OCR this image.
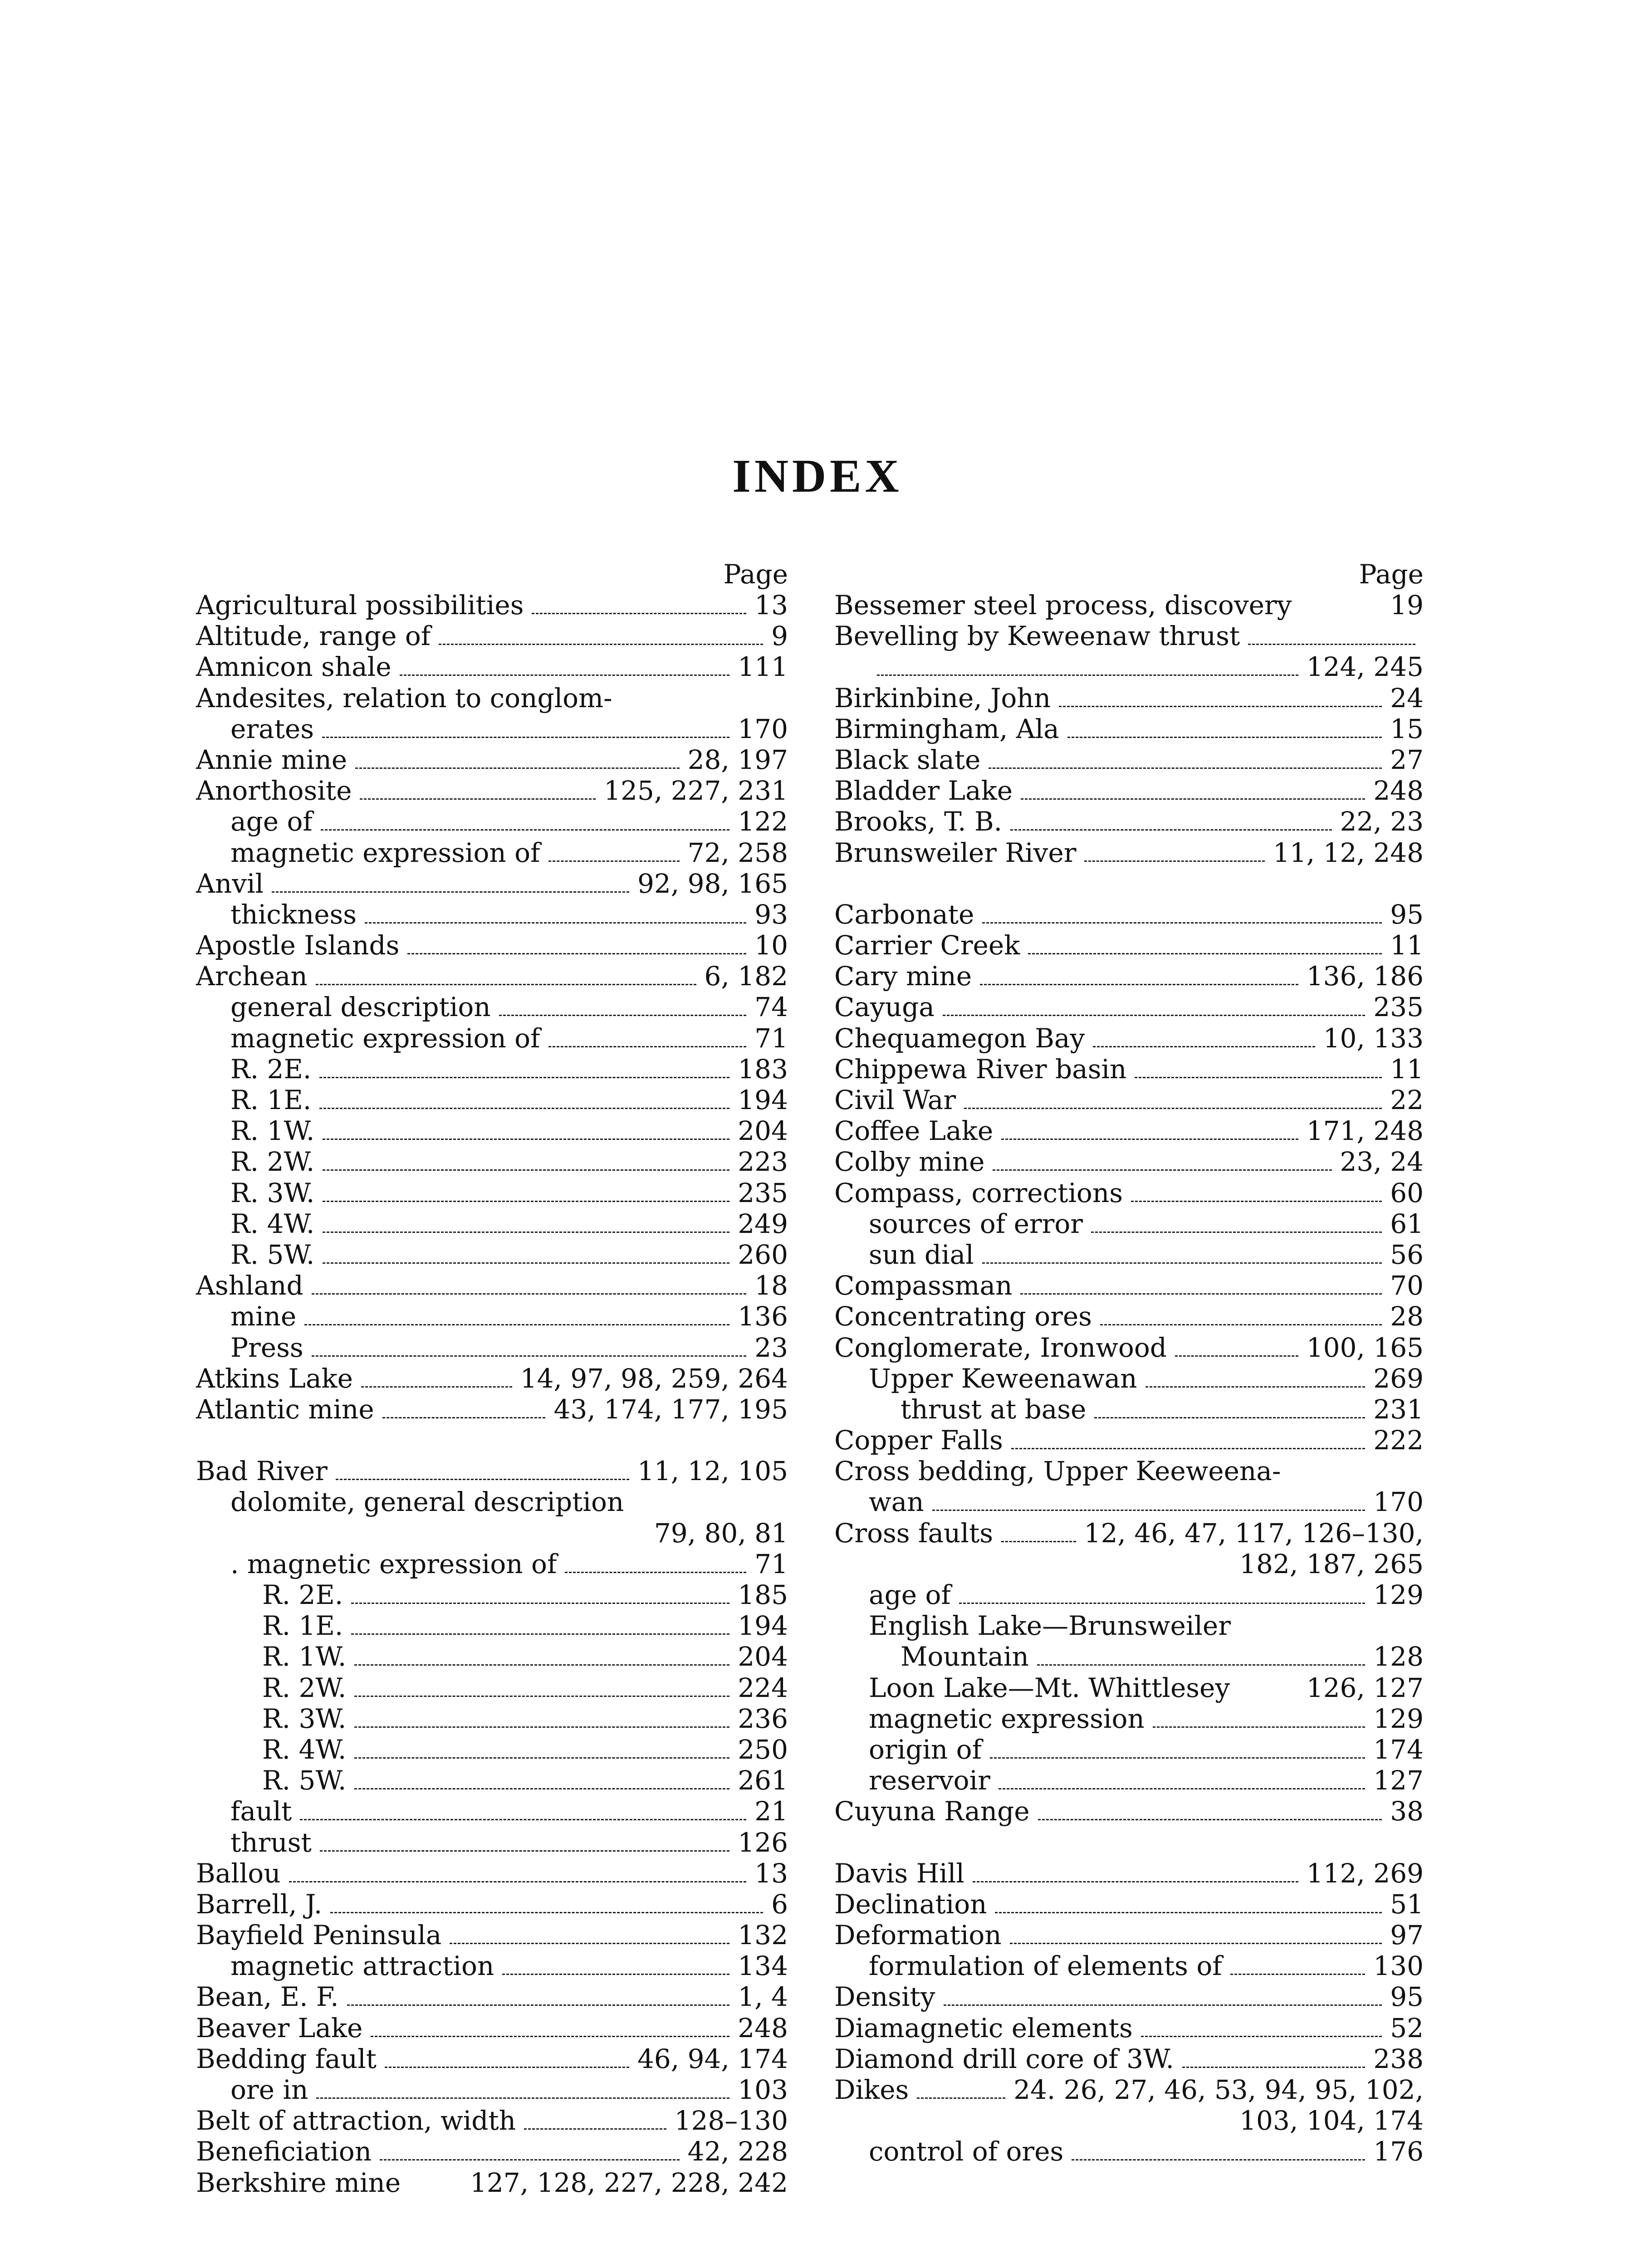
INDEX
Page
Agricultural possibilities	13
Altitude, range of	9
Amnicon shale	111
Andesites, relation to conglom-
erates	170
Annie mine	28, 197
Anorthosite	125, 227, 231
age of	122
magnetic expression of	72, 258
Anvil	92, 98, 165
thickness	93
Apostle Islands	10
Archean	6, 182
general description	74
magnetic expression of	71
R. 2E.	183
R. 1E.	194
R. 1W.	204
R. 2W.	223
R. 3W.	235
R. 4W.	249
R. 5W.	260
Ashland	18
mine	136
Press	23
Atkins Lake	14, 97, 98, 259, 264
Atlantic mine	43, 174, 177, 195
Bad River	11, 12, 105
dolomite, general description
79, 80, 81
. magnetic expression of	71
R. 2E.	185
R. 1E.	194
R. 1W.	204
R. 2W.	224
R. 3W.	236
R. 4W.	250
R. 5W.	261
fault	21
thrust	126
Ballou	13
Barrell, J.	6
Bayfield Peninsula	132
magnetic attraction	134
Bean, E. F.	1, 4
Beaver Lake	248
Bedding fault	46, 94, 174
ore in	103
Belt of attraction, width	128–130
Beneficiation	42, 228
Berkshire mine	127, 128, 227, 228, 242
Page
Bessemer steel process, discovery	19
Bevelling by Keweenaw thrust
124, 245
Birkinbine, John	24
Birmingham, Ala	15
Black slate	27
Bladder Lake	248
Brooks, T. B.	22, 23
Brunsweiler River	11, 12, 248
Carbonate	95
Carrier Creek	11
Cary mine	136, 186
Cayuga	235
Chequamegon Bay	10, 133
Chippewa River basin	11
Civil War	22
Coffee Lake	171, 248
Colby mine	23, 24
Compass, corrections	60
sources of error	61
sun dial	56
Compassman	70
Concentrating ores	28
Conglomerate, Ironwood	100, 165
Upper Keweenawan	269
thrust at base	231
Copper Falls	222
Cross bedding, Upper Keeweena-
wan	170
Cross faults	12, 46, 47, 117, 126–130,
182, 187, 265
age of	129
English Lake—Brunsweiler
Mountain	128
Loon Lake—Mt. Whittlesey	126, 127
magnetic expression	129
origin of	174
reservoir	127
Cuyuna Range	38
Davis Hill	112, 269
Declination	51
Deformation	97
formulation of elements of	130
Density	95
Diamagnetic elements	52
Diamond drill core of 3W.	238
Dikes	24. 26, 27, 46, 53, 94, 95, 102,
103, 104, 174
control of ores	176
